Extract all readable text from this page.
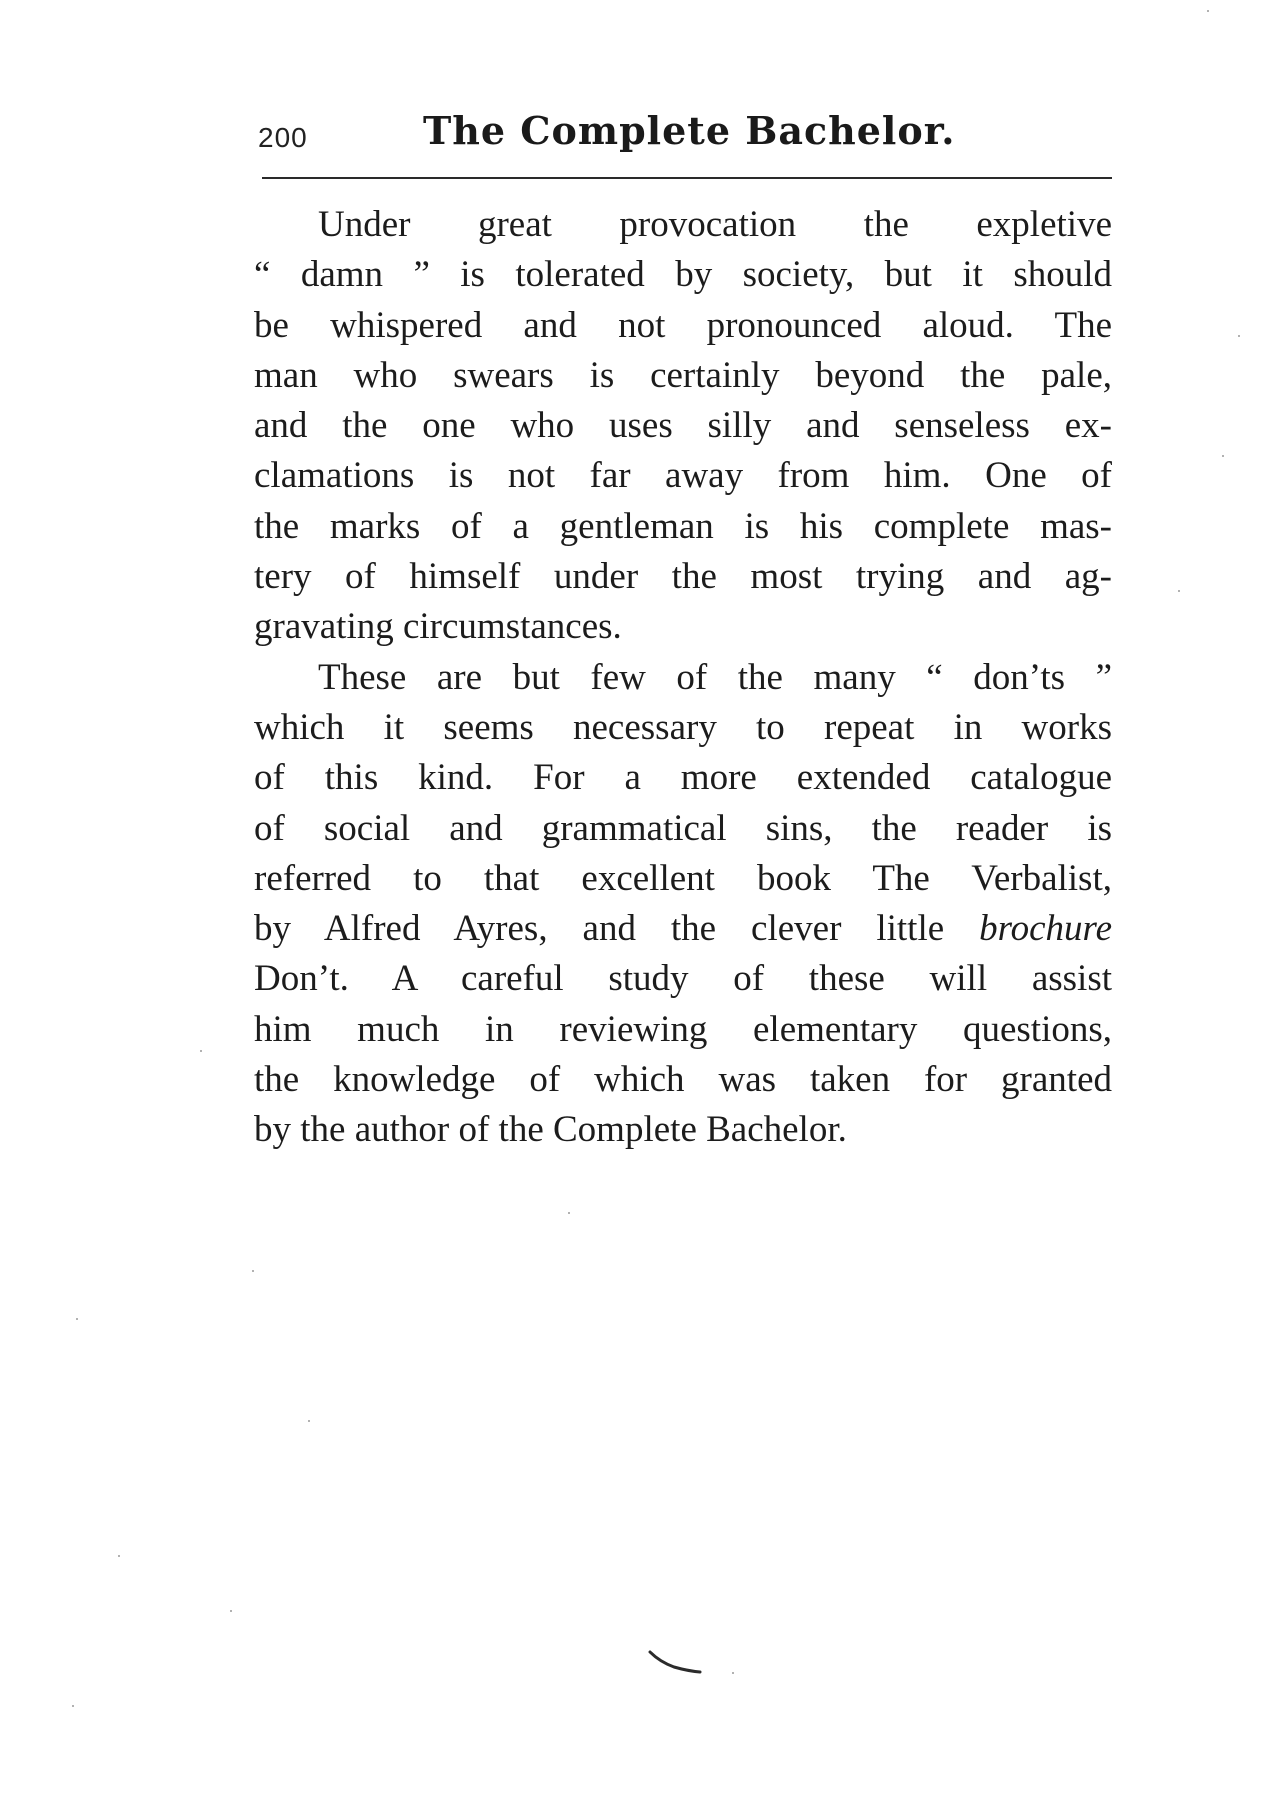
200	The Complete Bachelor.
Under great provocation the expletive
“ damn ” is tolerated by society, but it should
be whispered and not pronounced aloud. The
man who swears is certainly beyond the pale,
and the one who uses silly and senseless ex-
clamations is not far away from him. One of
the marks of a gentleman is his complete mas-
tery of himself under the most trying and ag-
gravating circumstances.
These are but few of the many “ don’ts ”
which it seems necessary to repeat in works
of this kind. For a more extended catalogue
of social and grammatical sins, the reader is
referred to that excellent book The Verbalist,
by Alfred Ayres, and the clever little brochure
Don’t. A careful study of these will assist
him much in reviewing elementary questions,
the knowledge of which was taken for granted
by the author of the Complete Bachelor.
